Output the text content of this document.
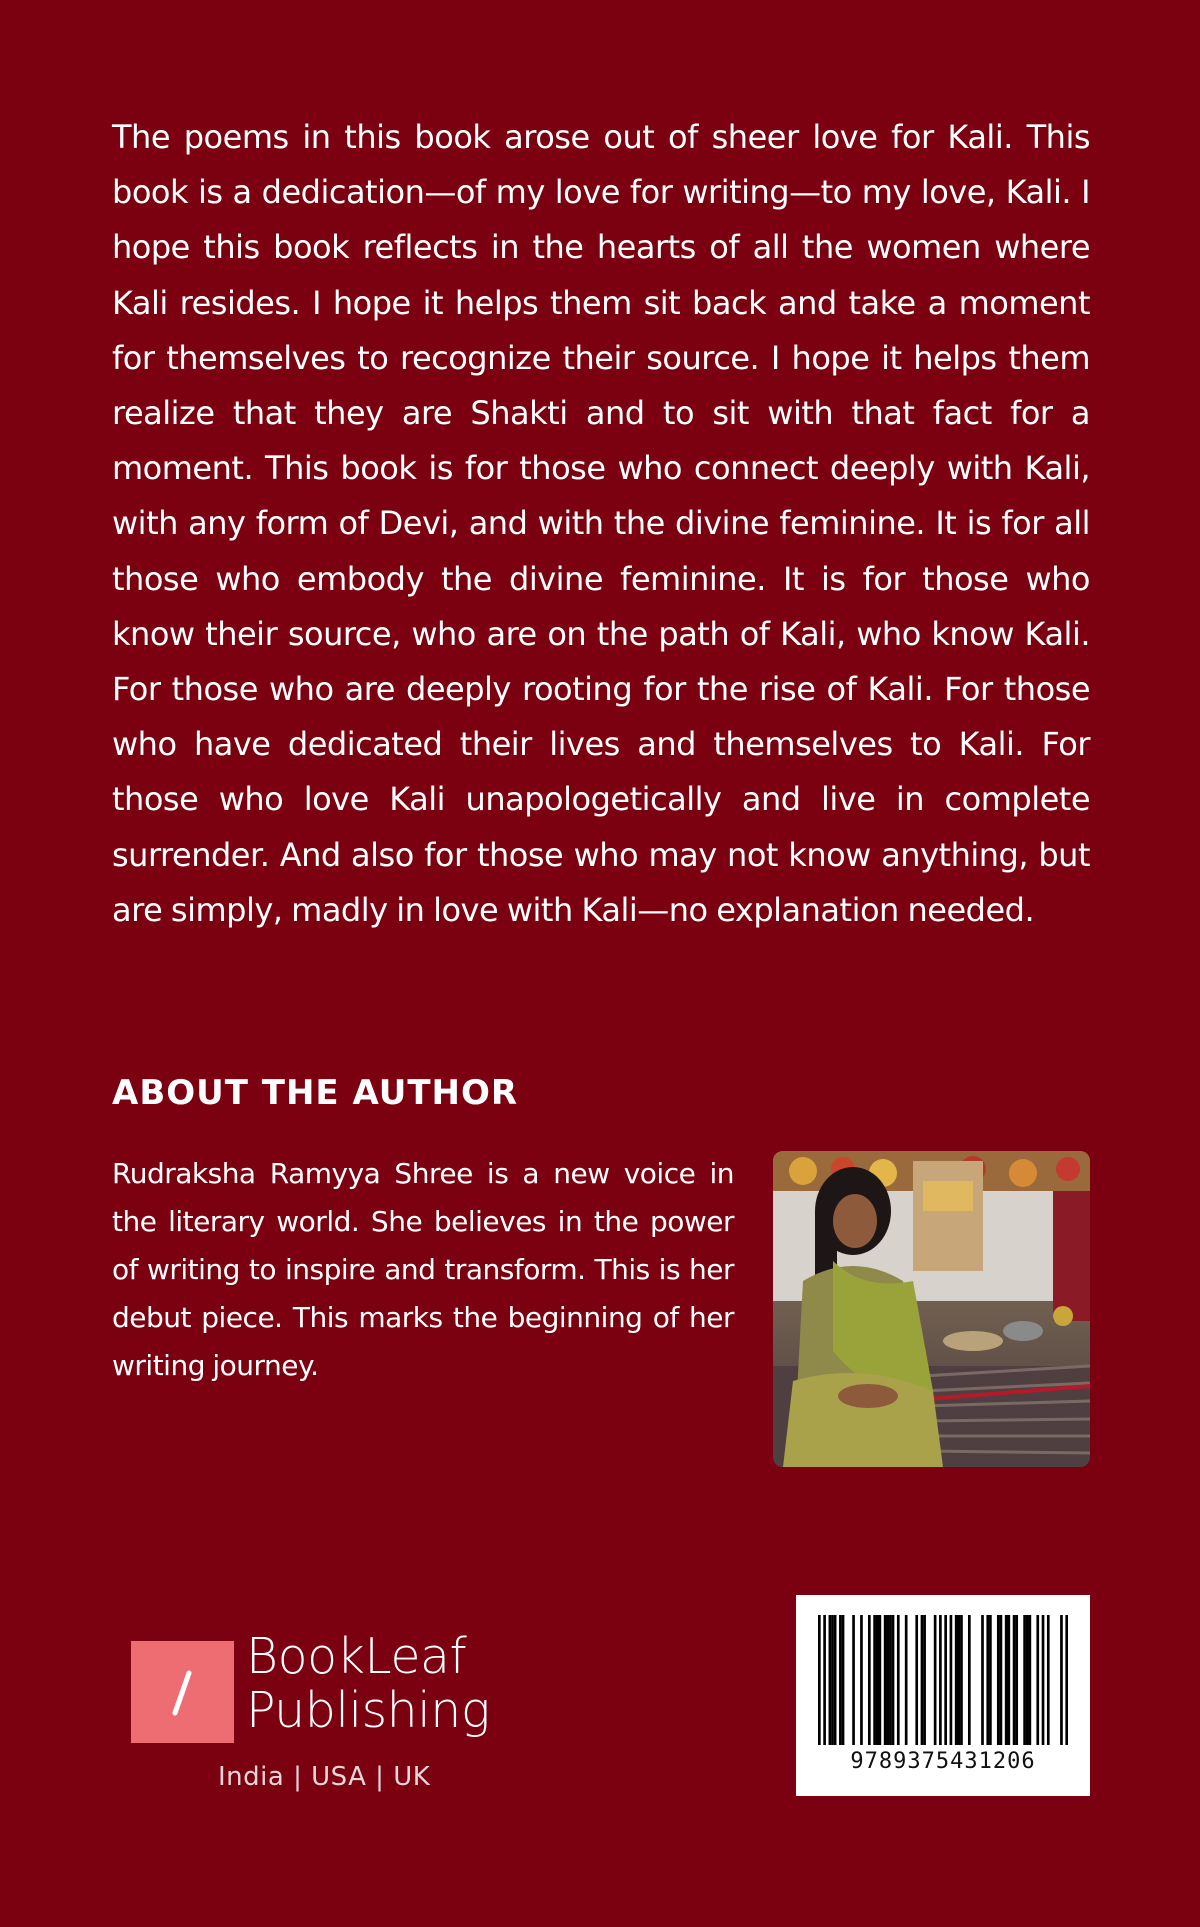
The poems in this book arose out of sheer love for Kali. This book is a dedication—of my love for writing—to my love, Kali. I hope this book reflects in the hearts of all the women where Kali resides. I hope it helps them sit back and take a moment for themselves to recognize their source. I hope it helps them realize that they are Shakti and to sit with that fact for a moment. This book is for those who connect deeply with Kali, with any form of Devi, and with the divine feminine. It is for all those who embody the divine feminine. It is for those who know their source, who are on the path of Kali, who know Kali. For those who are deeply rooting for the rise of Kali. For those who have dedicated their lives and themselves to Kali. For those who love Kali unapologetically and live in complete surrender. And also for those who may not know anything, but are simply, madly in love with Kali—no explanation needed.
ABOUT THE AUTHOR
Rudraksha Ramyya Shree is a new voice in the literary world. She believes in the power of writing to inspire and transform. This is her debut piece. This marks the beginning of her writing journey.
BookLeaf
Publishing
India | USA | UK
9789375431206
